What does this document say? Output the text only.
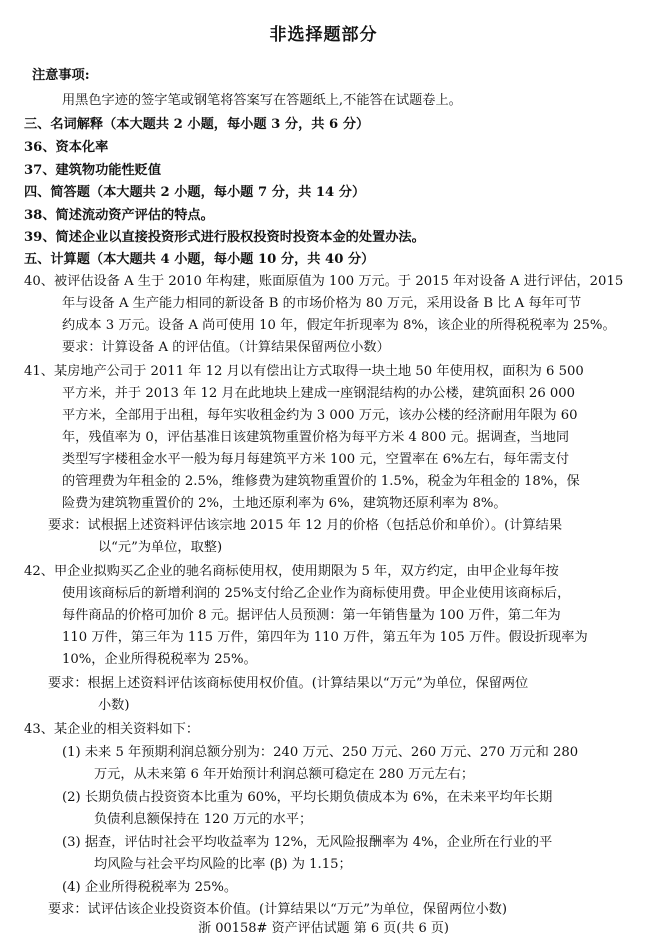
非选择题部分
注意事项:
用黑色字迹的签字笔或钢笔将答案写在答题纸上,不能答在试题卷上。
三、名词解释（本大题共 2 小题，每小题 3 分，共 6 分）
36、资本化率
37、建筑物功能性贬值
四、简答题（本大题共 2 小题，每小题 7 分，共 14 分）
38、简述流动资产评估的特点。
39、简述企业以直接投资形式进行股权投资时投资本金的处置办法。
五、计算题（本大题共 4 小题，每小题 10 分，共 40 分）
40、被评估设备 A 生于 2010 年构建，账面原值为 100 万元。于 2015 年对设备 A 进行评估，2015
年与设备 A 生产能力相同的新设备 B 的市场价格为 80 万元，采用设备 B 比 A 每年可节
约成本 3 万元。设备 A 尚可使用 10 年，假定年折现率为 8%，该企业的所得税税率为 25%。
要求：计算设备 A 的评估值。（计算结果保留两位小数）
41、某房地产公司于 2011 年 12 月以有偿出让方式取得一块土地 50 年使用权，面积为 6 500
平方米，并于 2013 年 12 月在此地块上建成一座钢混结构的办公楼，建筑面积 26 000
平方米，全部用于出租，每年实收租金约为 3 000 万元，该办公楼的经济耐用年限为 60
年，残值率为 0，评估基准日该建筑物重置价格为每平方米 4 800 元。据调查，当地同
类型写字楼租金水平一般为每月每建筑平方米 100 元，空置率在 6%左右，每年需支付
的管理费为年租金的 2.5%，维修费为建筑物重置价的 1.5%，税金为年租金的 18%，保
险费为建筑物重置价的 2%，土地还原利率为 6%，建筑物还原利率为 8%。
要求：试根据上述资料评估该宗地 2015 年 12 月的价格（包括总价和单价）。(计算结果
以“元”为单位，取整)
42、甲企业拟购买乙企业的驰名商标使用权，使用期限为 5 年，双方约定，由甲企业每年按
使用该商标后的新增利润的 25%支付给乙企业作为商标使用费。甲企业使用该商标后，
每件商品的价格可加价 8 元。据评估人员预测：第一年销售量为 100 万件，第二年为
110 万件，第三年为 115 万件，第四年为 110 万件，第五年为 105 万件。假设折现率为
10%，企业所得税税率为 25%。
要求：根据上述资料评估该商标使用权价值。(计算结果以“万元”为单位，保留两位
小数)
43、某企业的相关资料如下：
(1) 未来 5 年预期利润总额分别为：240 万元、250 万元、260 万元、270 万元和 280
万元，从未来第 6 年开始预计利润总额可稳定在 280 万元左右；
(2) 长期负债占投资资本比重为 60%，平均长期负债成本为 6%，在未来平均年长期
负债利息额保持在 120 万元的水平；
(3) 据查，评估时社会平均收益率为 12%，无风险报酬率为 4%，企业所在行业的平
均风险与社会平均风险的比率 (β) 为 1.15；
(4) 企业所得税税率为 25%。
要求：试评估该企业投资资本价值。(计算结果以“万元”为单位，保留两位小数)
浙 00158# 资产评估试题 第 6 页(共 6 页)
